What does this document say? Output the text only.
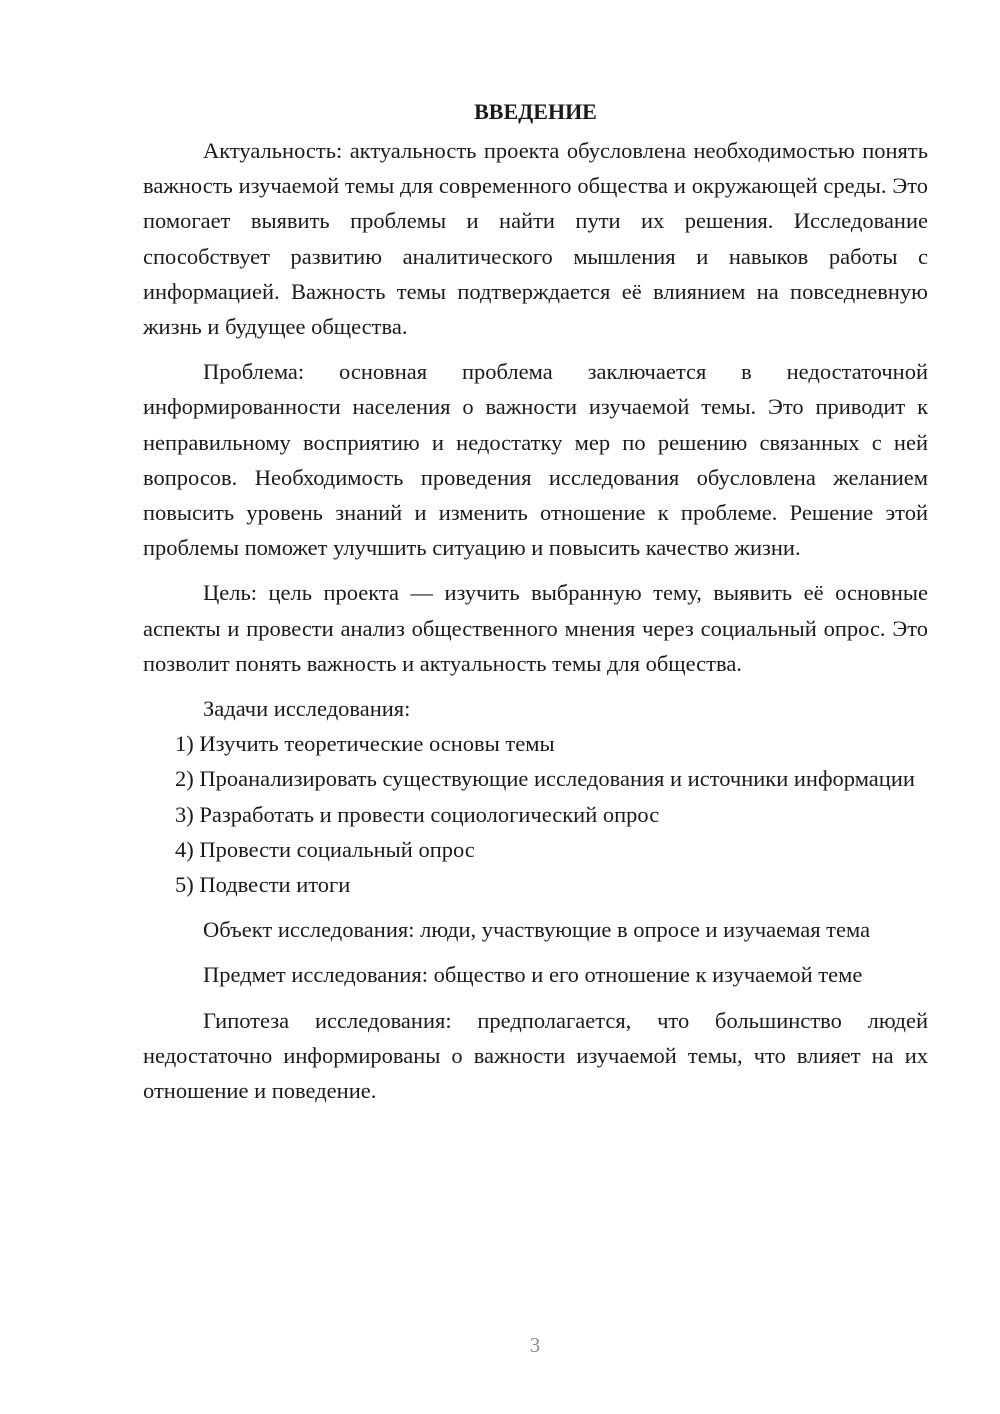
ВВЕДЕНИЕ

Актуальность: актуальность проекта обусловлена необходимостью понять важность изучаемой темы для современного общества и окружающей среды. Это помогает выявить проблемы и найти пути их решения. Исследование способствует развитию аналитического мышления и навыков работы с информацией. Важность темы подтверждается её влиянием на повседневную жизнь и будущее общества.

Проблема: основная проблема заключается в недостаточной информированности населения о важности изучаемой темы. Это приводит к неправильному восприятию и недостатку мер по решению связанных с ней вопросов. Необходимость проведения исследования обусловлена желанием повысить уровень знаний и изменить отношение к проблеме. Решение этой проблемы поможет улучшить ситуацию и повысить качество жизни.

Цель: цель проекта — изучить выбранную тему, выявить её основные аспекты и провести анализ общественного мнения через социальный опрос. Это позволит понять важность и актуальность темы для общества.

Задачи исследования:

1) Изучить теоретические основы темы

2) Проанализировать существующие исследования и источники информации

3) Разработать и провести социологический опрос

4) Провести социальный опрос

5) Подвести итоги

Объект исследования: люди, участвующие в опросе и изучаемая тема

Предмет исследования: общество и его отношение к изучаемой теме

Гипотеза исследования: предполагается, что большинство людей недостаточно информированы о важности изучаемой темы, что влияет на их отношение и поведение.

3
